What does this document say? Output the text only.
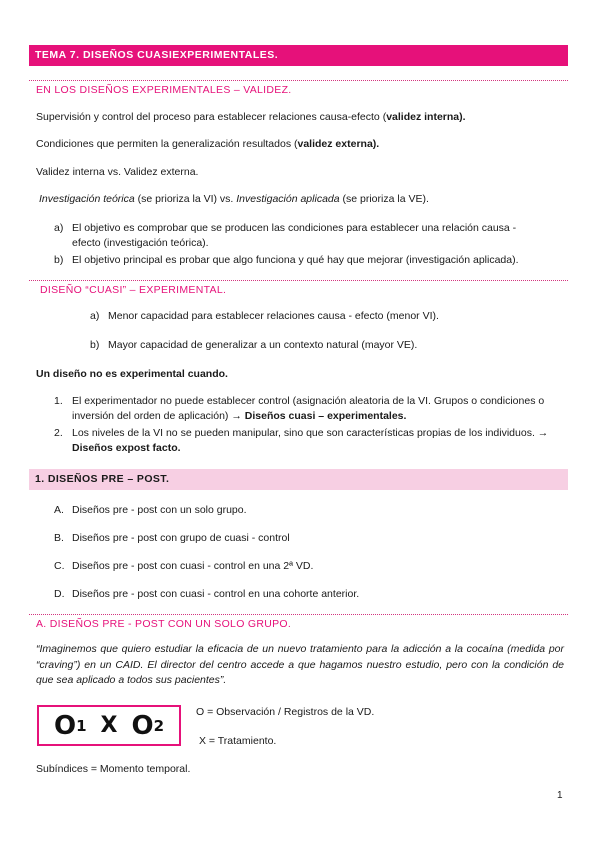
TEMA 7. DISEÑOS CUASIEXPERIMENTALES.
EN LOS DISEÑOS EXPERIMENTALES – VALIDEZ.
Supervisión y control del proceso para establecer relaciones causa-efecto (validez interna).
Condiciones que permiten la generalización resultados (validez externa).
Validez interna vs. Validez externa.
Investigación teórica (se prioriza la VI) vs. Investigación aplicada (se prioriza la VE).
a) El objetivo es comprobar que se producen las condiciones para establecer una relación causa - efecto (investigación teórica).
b) El objetivo principal es probar que algo funciona y qué hay que mejorar (investigación aplicada).
DISEÑO “CUASI” – EXPERIMENTAL.
a) Menor capacidad para establecer relaciones causa - efecto (menor VI).
b) Mayor capacidad de generalizar a un contexto natural (mayor VE).
Un diseño no es experimental cuando.
1. El experimentador no puede establecer control (asignación aleatoria de la VI. Grupos o condiciones o inversión del orden de aplicación) → Diseños cuasi – experimentales.
2. Los niveles de la VI no se pueden manipular, sino que son características propias de los individuos. → Diseños expost facto.
1. DISEÑOS PRE – POST.
A. Diseños pre - post con un solo grupo.
B. Diseños pre - post con grupo de cuasi - control
C. Diseños pre - post con cuasi - control en una 2ª VD.
D. Diseños pre - post con cuasi - control en una cohorte anterior.
A. DISEÑOS PRE - POST CON UN SOLO GRUPO.
“Imaginemos que quiero estudiar la eficacia de un nuevo tratamiento para la adicción a la cocaína (medida por “craving”) en un CAID. El director del centro accede a que hagamos nuestro estudio, pero con la condición de que sea aplicado a todos sus pacientes”.
O 1 X O 2
O = Observación / Registros de la VD.
X = Tratamiento.
Subíndices = Momento temporal.
1
